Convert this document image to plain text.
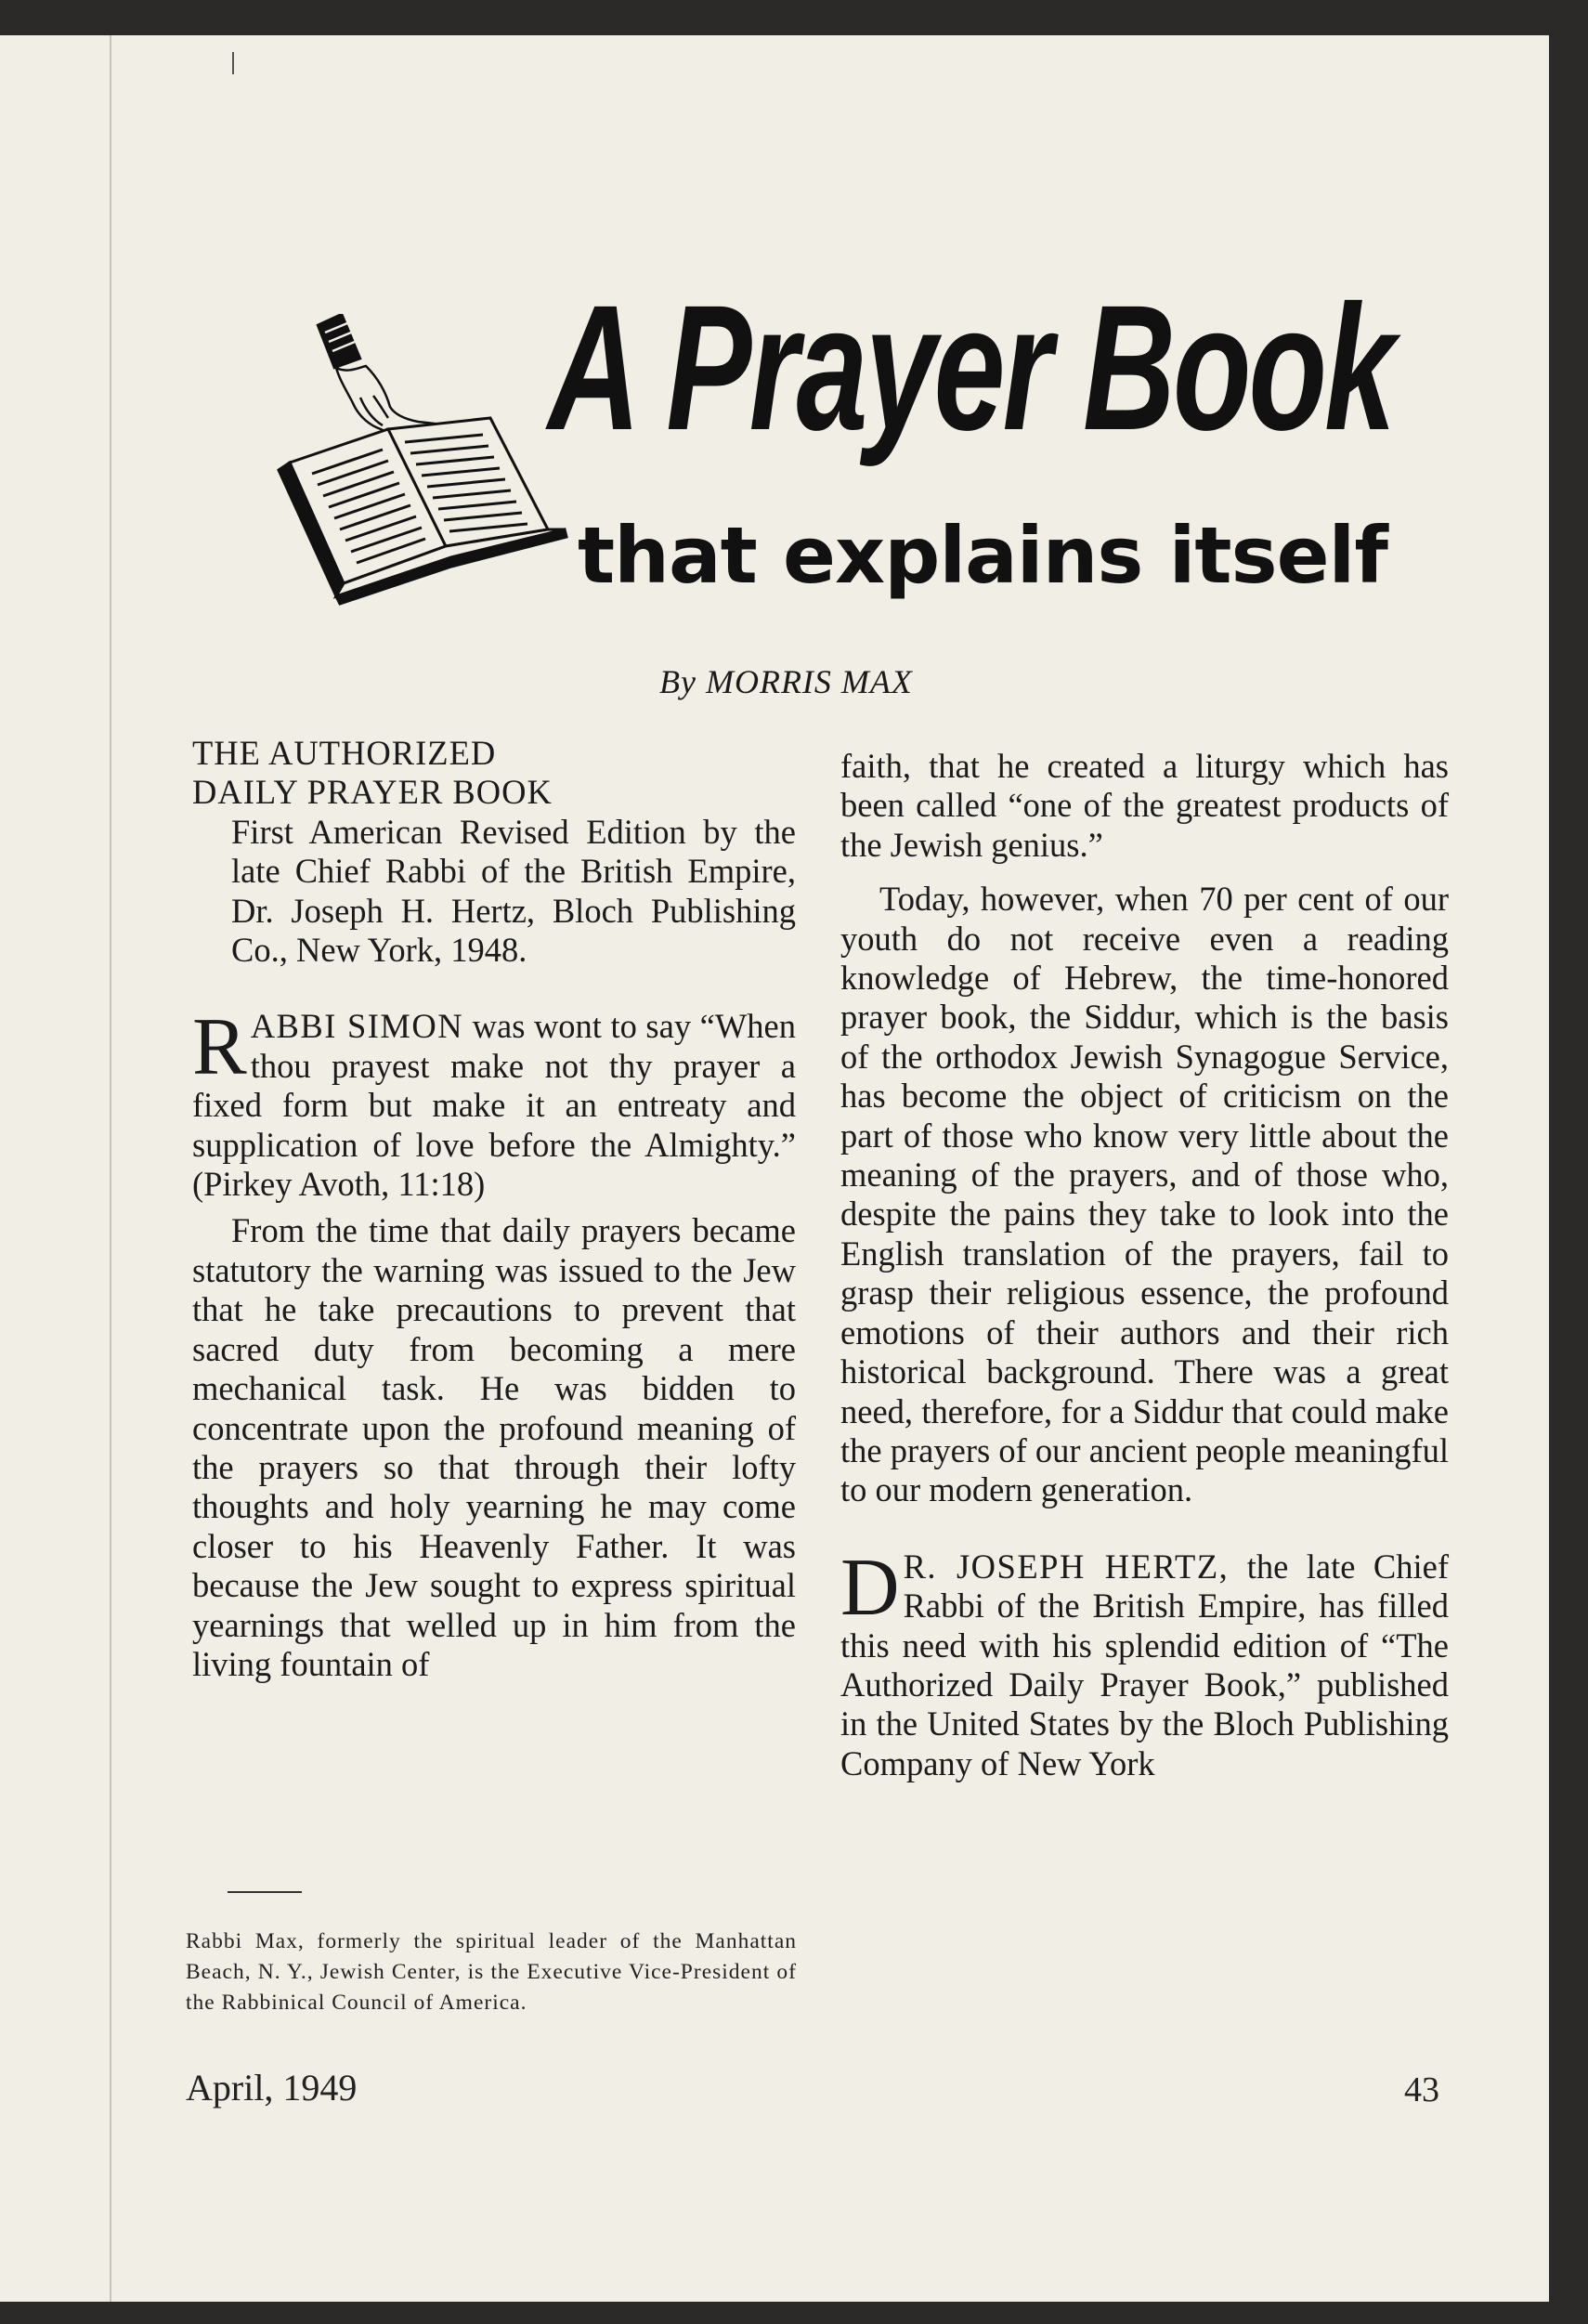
A Prayer Book
that explains itself
By MORRIS MAX

THE AUTHORIZED
DAILY PRAYER BOOK
First American Revised Edition by the late Chief Rabbi of the British Empire, Dr. Joseph H. Hertz, Bloch Publishing Co., New York, 1948.

RABBI SIMON was wont to say “When thou prayest make not thy prayer a fixed form but make it an entreaty and supplication of love before the Almighty.” (Pirkey Avoth, 11:18)

From the time that daily prayers became statutory the warning was issued to the Jew that he take precautions to prevent that sacred duty from becoming a mere mechanical task. He was bidden to concentrate upon the profound meaning of the prayers so that through their lofty thoughts and holy yearning he may come closer to his Heavenly Father. It was because the Jew sought to express spiritual yearnings that welled up in him from the living fountain of

faith, that he created a liturgy which has been called “one of the greatest products of the Jewish genius.”

Today, however, when 70 per cent of our youth do not receive even a reading knowledge of Hebrew, the time-honored prayer book, the Siddur, which is the basis of the orthodox Jewish Synagogue Service, has become the object of criticism on the part of those who know very little about the meaning of the prayers, and of those who, despite the pains they take to look into the English translation of the prayers, fail to grasp their religious essence, the profound emotions of their authors and their rich historical background. There was a great need, therefore, for a Siddur that could make the prayers of our ancient people meaningful to our modern generation.

D R. JOSEPH HERTZ, the late Chief Rabbi of the British Empire, has filled this need with his splendid edition of “The Authorized Daily Prayer Book,” published in the United States by the Bloch Publishing Company of New York

Rabbi Max, formerly the spiritual leader of the Manhattan Beach, N. Y., Jewish Center, is the Executive Vice-President of the Rabbinical Council of America.
April, 1949	43
